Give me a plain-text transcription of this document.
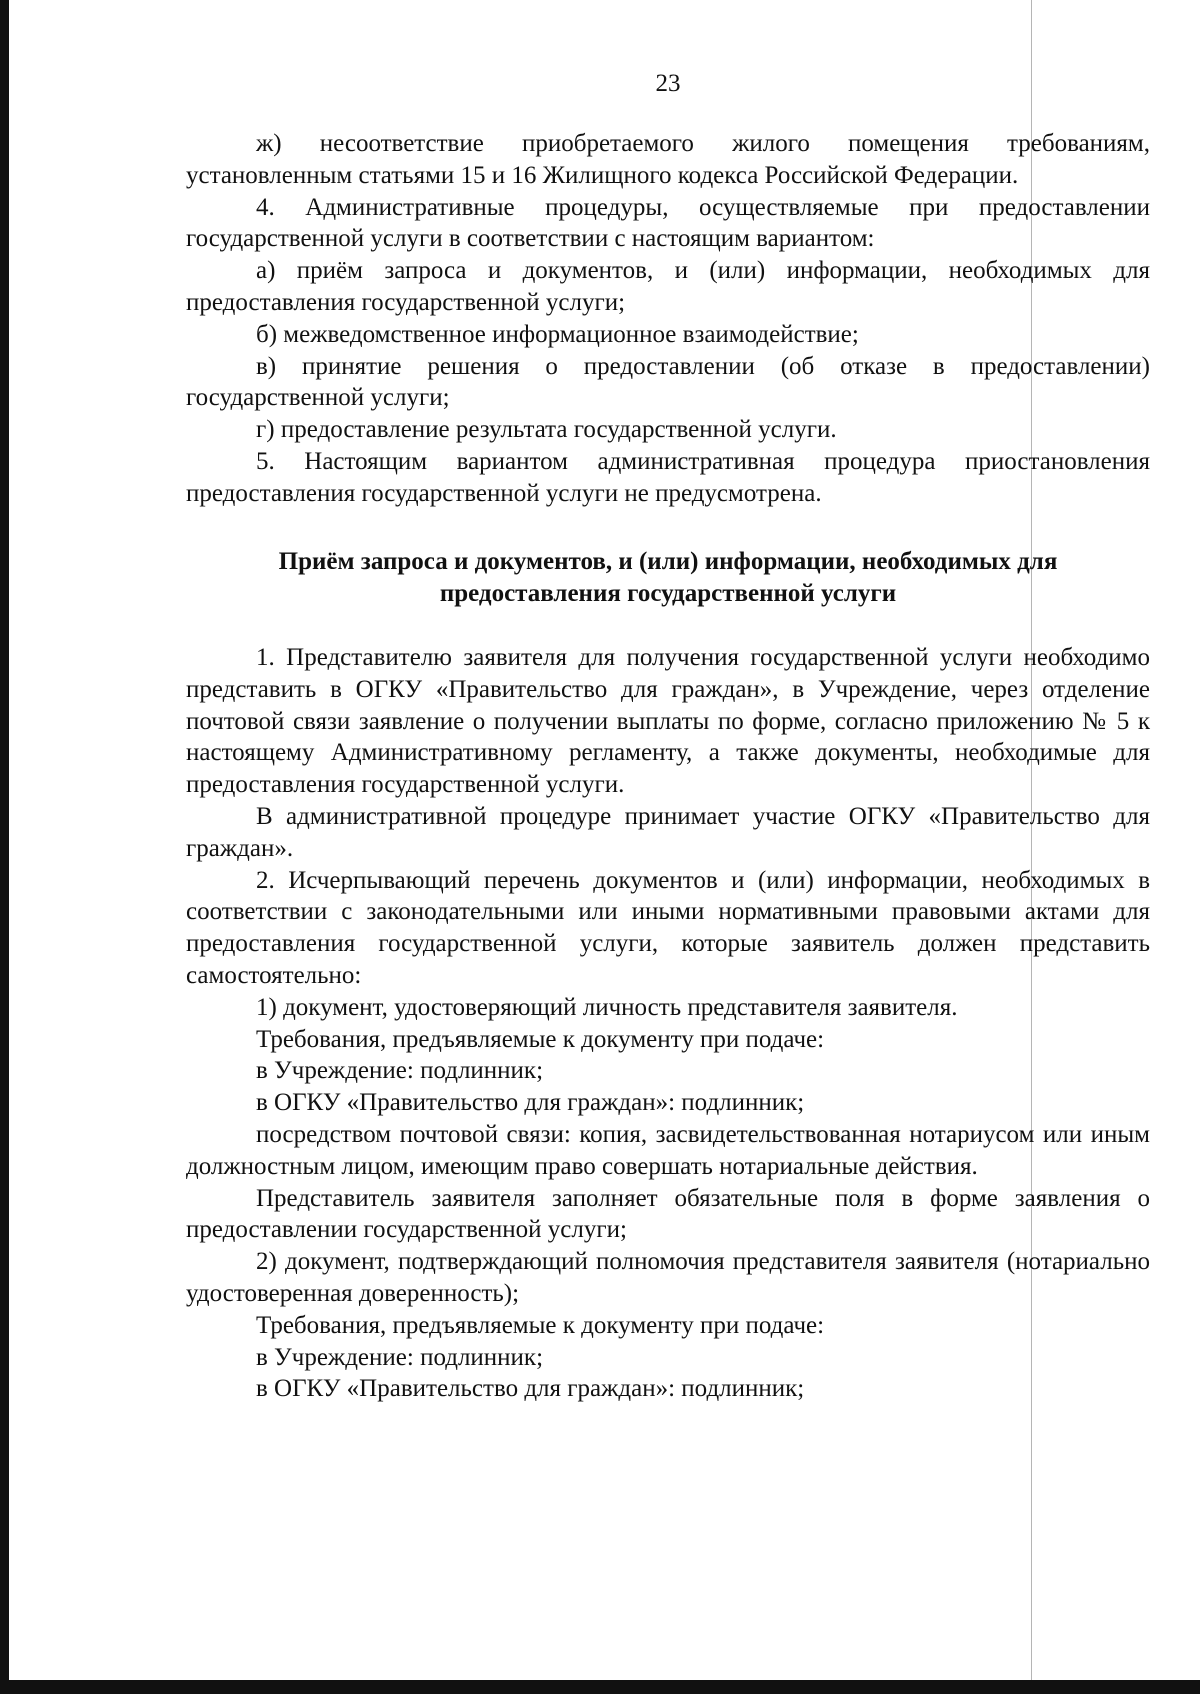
23

ж) несоответствие приобретаемого жилого помещения требованиям, установленным статьями 15 и 16 Жилищного кодекса Российской Федерации.

4. Административные процедуры, осуществляемые при предоставлении государственной услуги в соответствии с настоящим вариантом:

а) приём запроса и документов, и (или) информации, необходимых для предоставления государственной услуги;

б) межведомственное информационное взаимодействие;

в) принятие решения о предоставлении (об отказе в предоставлении) государственной услуги;

г) предоставление результата государственной услуги.

5. Настоящим вариантом административная процедура приостановления предоставления государственной услуги не предусмотрена.

Приём запроса и документов, и (или) информации, необходимых для
предоставления государственной услуги

1. Представителю заявителя для получения государственной услуги необходимо представить в ОГКУ «Правительство для граждан», в Учреждение, через отделение почтовой связи заявление о получении выплаты по форме, согласно приложению № 5 к настоящему Административному регламенту, а также документы, необходимые для предоставления государственной услуги.

В административной процедуре принимает участие ОГКУ «Правительство для граждан».

2. Исчерпывающий перечень документов и (или) информации, необходимых в соответствии с законодательными или иными нормативными правовыми актами для предоставления государственной услуги, которые заявитель должен представить самостоятельно:

1) документ, удостоверяющий личность представителя заявителя.

Требования, предъявляемые к документу при подаче:

в Учреждение: подлинник;

в ОГКУ «Правительство для граждан»: подлинник;

посредством почтовой связи: копия, засвидетельствованная нотариусом или иным должностным лицом, имеющим право совершать нотариальные действия.

Представитель заявителя заполняет обязательные поля в форме заявления о предоставлении государственной услуги;

2) документ, подтверждающий полномочия представителя заявителя (нотариально удостоверенная доверенность);

Требования, предъявляемые к документу при подаче:

в Учреждение: подлинник;

в ОГКУ «Правительство для граждан»: подлинник;
